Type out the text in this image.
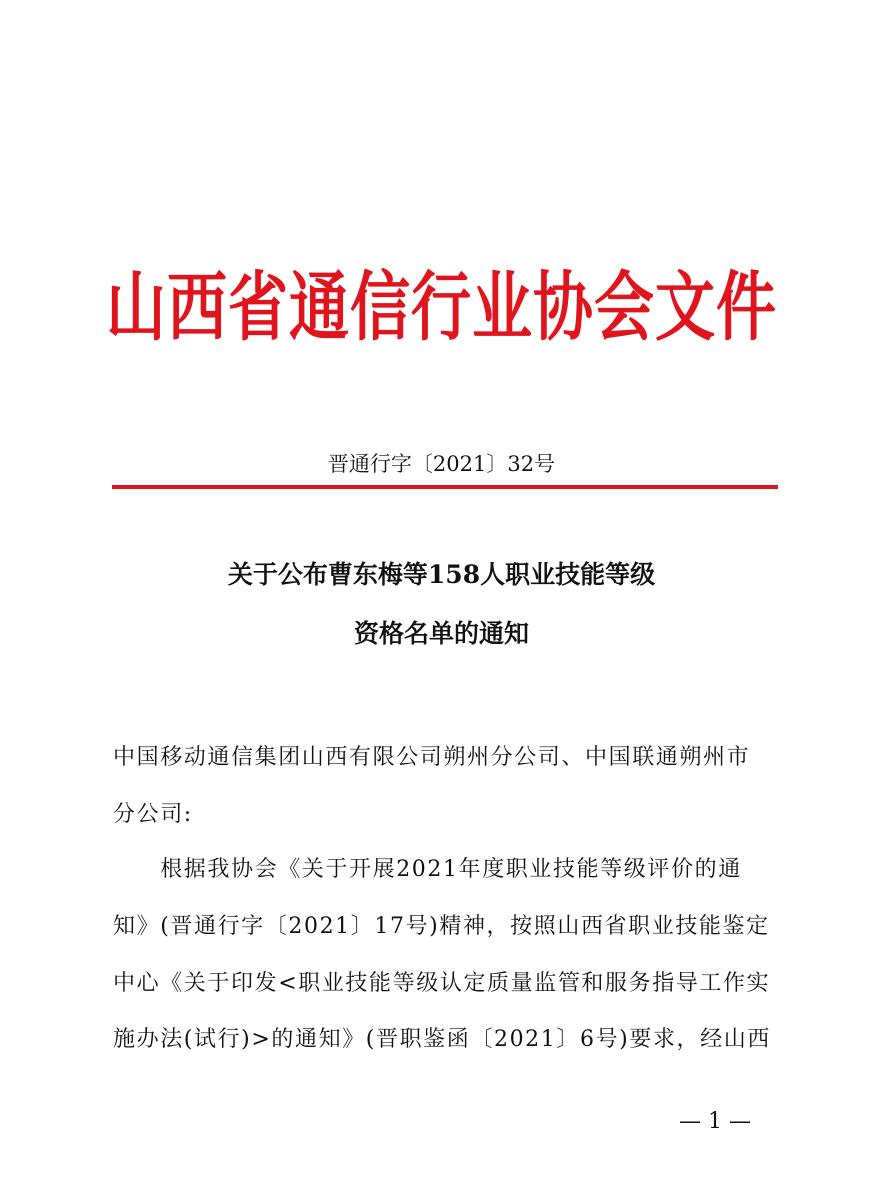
山西省通信行业协会文件
晋通行字〔2021〕32号
关于公布曹东梅等158人职业技能等级
资格名单的通知
中国移动通信集团山西有限公司朔州分公司、中国联通朔州市
分公司:
　　根据我协会《关于开展2021年度职业技能等级评价的通
知》(晋通行字〔2021〕17号)精神，按照山西省职业技能鉴定
中心《关于印发<职业技能等级认定质量监管和服务指导工作实
施办法(试行)>的通知》(晋职鉴函〔2021〕6号)要求，经山西
— 1 —
